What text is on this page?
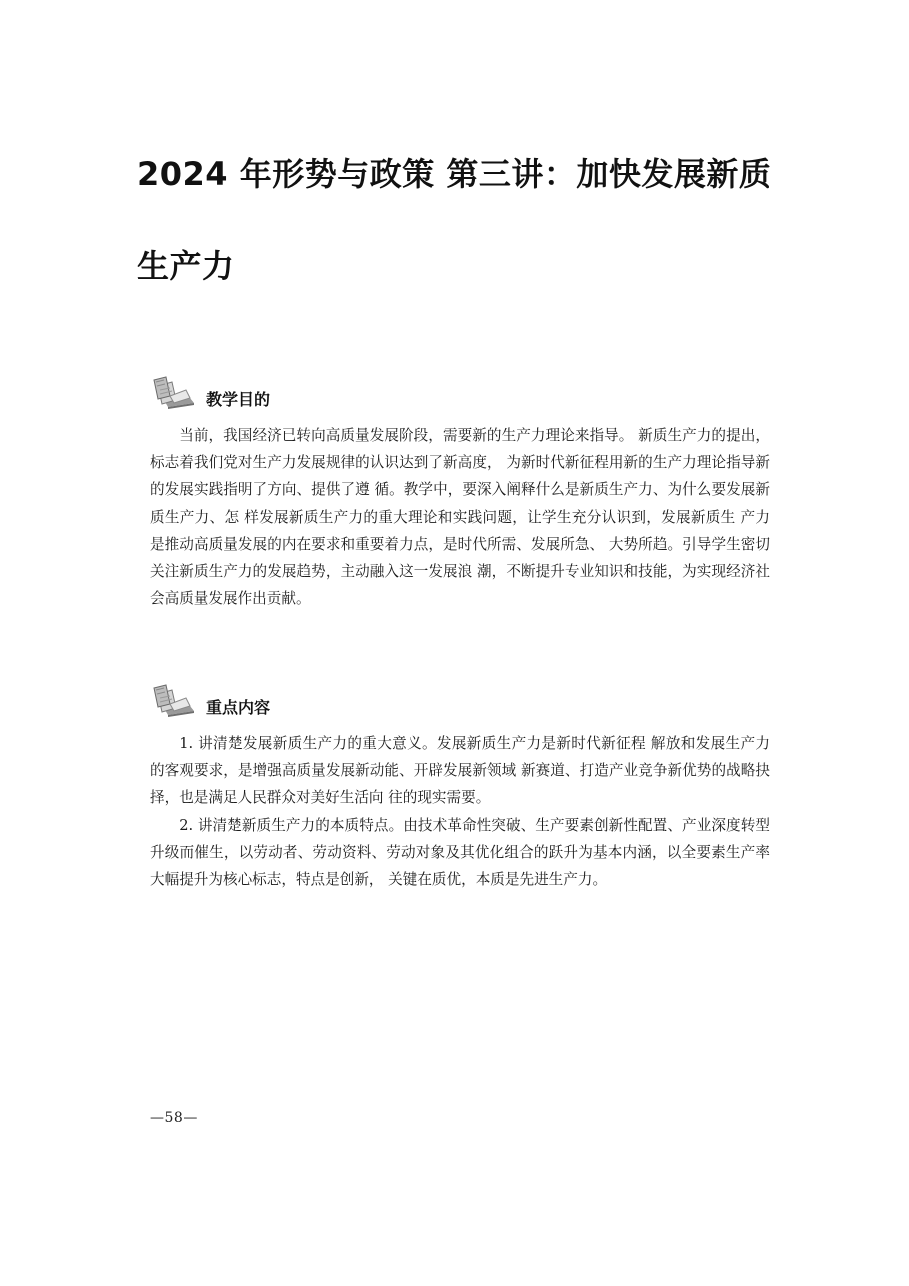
2024 年形势与政策 第三讲：加快发展新质生产力
教学目的

当前，我国经济已转向高质量发展阶段，需要新的生产力理论来指导。 新质生产力的提出，标志着我们党对生产力发展规律的认识达到了新高度， 为新时代新征程用新的生产力理论指导新的发展实践指明了方向、提供了遵 循。教学中，要深入阐释什么是新质生产力、为什么要发展新质生产力、怎 样发展新质生产力的重大理论和实践问题，让学生充分认识到，发展新质生 产力是推动高质量发展的内在要求和重要着力点，是时代所需、发展所急、 大势所趋。引导学生密切关注新质生产力的发展趋势，主动融入这一发展浪 潮，不断提升专业知识和技能，为实现经济社会高质量发展作出贡献。

重点内容

1. 讲清楚发展新质生产力的重大意义。发展新质生产力是新时代新征程 解放和发展生产力的客观要求，是增强高质量发展新动能、开辟发展新领域 新赛道、打造产业竞争新优势的战略抉择，也是满足人民群众对美好生活向 往的现实需要。

2. 讲清楚新质生产力的本质特点。由技术革命性突破、生产要素创新性配置、产业深度转型升级而催生，以劳动者、劳动资料、劳动对象及其优化组合的跃升为基本内涵，以全要素生产率大幅提升为核心标志，特点是创新， 关键在质优，本质是先进生产力。

—58—
